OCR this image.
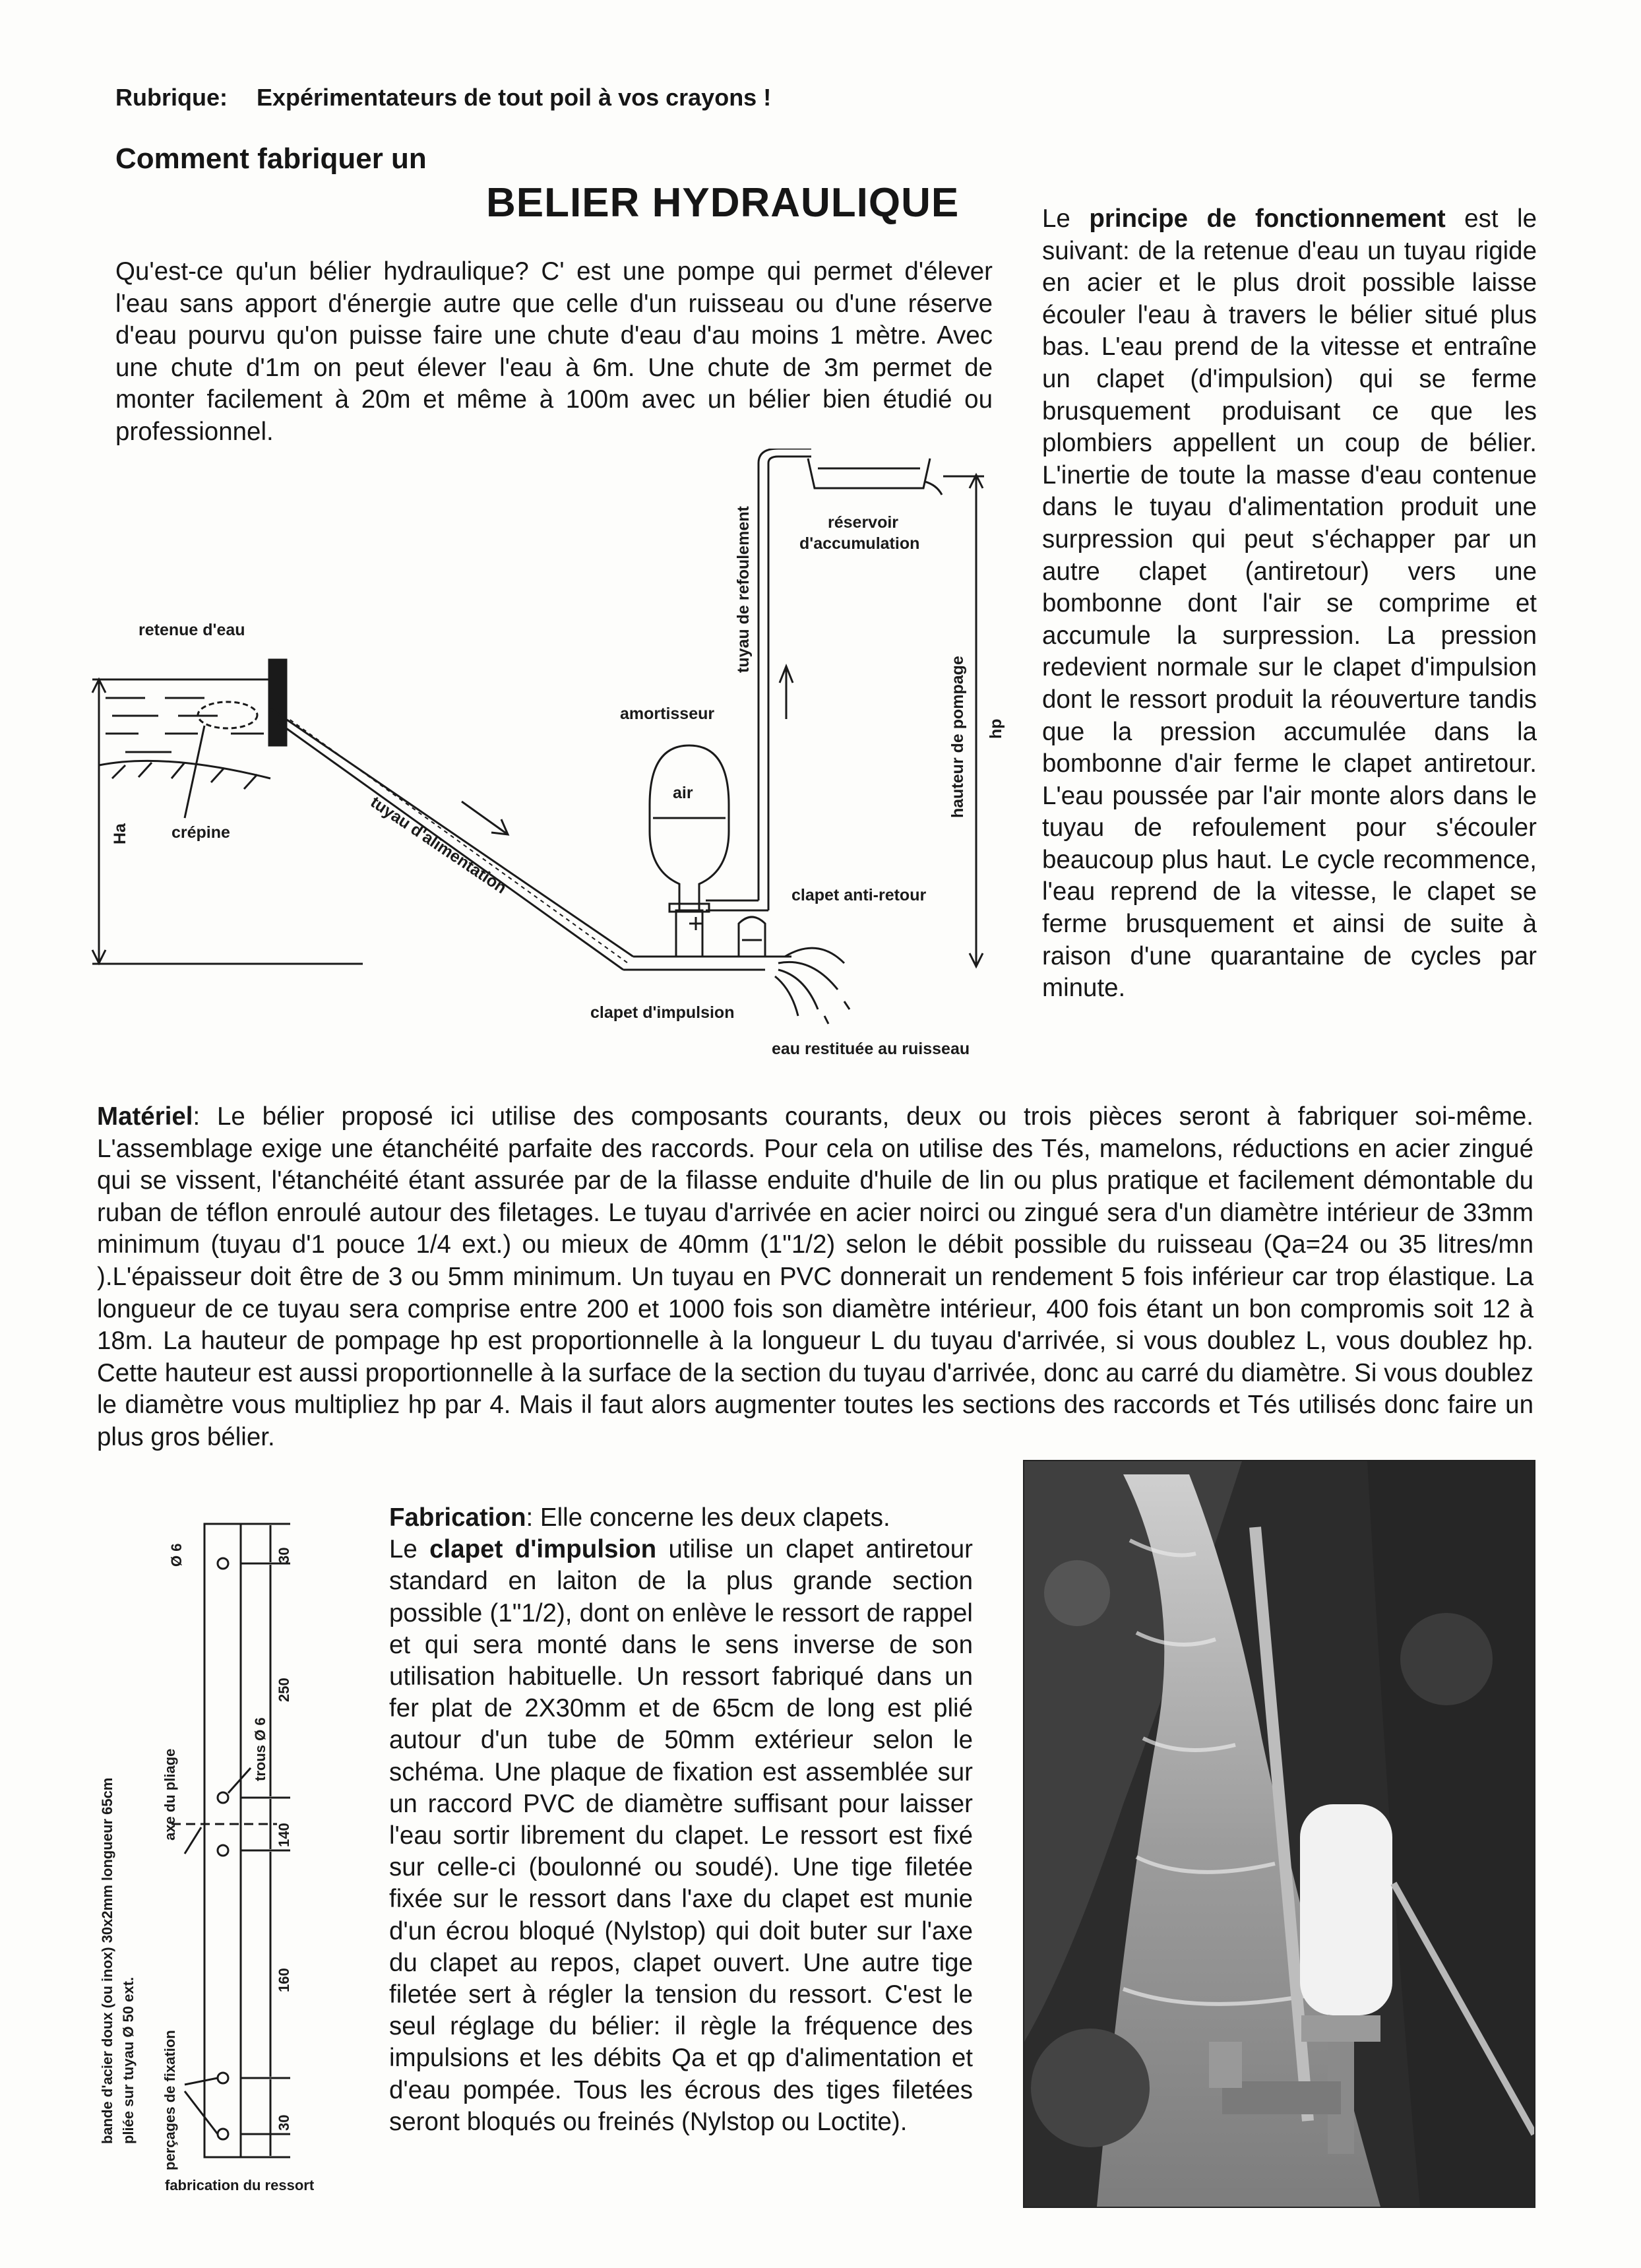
Rubrique: Expérimentateurs de tout poil à vos crayons !
Comment fabriquer un
BELIER HYDRAULIQUE

Qu'est-ce qu'un bélier hydraulique? C' est une pompe qui permet d'élever l'eau sans apport d'énergie autre que celle d'un ruisseau ou d'une réserve d'eau pourvu qu'on puisse faire une chute d'eau d'au moins 1 mètre. Avec une chute d'1m on peut élever l'eau à 6m. Une chute de 3m permet de monter facilement à 20m et même à 100m avec un bélier bien étudié ou professionnel.

Le principe de fonctionnement est le suivant: de la retenue d'eau un tuyau rigide en acier et le plus droit possible laisse écouler l'eau à travers le bélier situé plus bas. L'eau prend de la vitesse et entraîne un clapet (d'impulsion) qui se ferme brusquement produisant ce que les plombiers appellent un coup de bélier. L'inertie de toute la masse d'eau contenue dans le tuyau d'alimentation produit une surpression qui peut s'échapper par un autre clapet (antiretour) vers une bombonne dont l'air se comprime et accumule la surpression. La pression redevient normale sur le clapet d'impulsion dont le ressort produit la réouverture tandis que la pression accumulée dans la bombonne d'air ferme le clapet antiretour. L'eau poussée par l'air monte alors dans le tuyau de refoulement pour s'écouler beaucoup plus haut. Le cycle recommence, l'eau reprend de la vitesse, le clapet se ferme brusquement et ainsi de suite à raison d'une quarantaine de cycles par minute.

retenue d'eau
crépine
Ha	tuyau d'alimentation
amortisseur
air
tuyau de refoulement	réservoir
d'accumulation
hauteur de pompage hp
clapet anti-retour
clapet d'impulsion
eau restituée au ruisseau

Matériel: Le bélier proposé ici utilise des composants courants, deux ou trois pièces seront à fabriquer soi-même. L'assemblage exige une étanchéité parfaite des raccords. Pour cela on utilise des Tés, mamelons, réductions en acier zingué qui se vissent, l'étanchéité étant assurée par de la filasse enduite d'huile de lin ou plus pratique et facilement démontable du ruban de téflon enroulé autour des filetages. Le tuyau d'arrivée en acier noirci ou zingué sera d'un diamètre intérieur de 33mm minimum (tuyau d'1 pouce 1/4 ext.) ou mieux de 40mm (1"1/2) selon le débit possible du ruisseau (Qa=24 ou 35 litres/mn ).L'épaisseur doit être de 3 ou 5mm minimum. Un tuyau en PVC donnerait un rendement 5 fois inférieur car trop élastique. La longueur de ce tuyau sera comprise entre 200 et 1000 fois son diamètre intérieur, 400 fois étant un bon compromis soit 12 à 18m. La hauteur de pompage hp est proportionnelle à la longueur L du tuyau d'arrivée, si vous doublez L, vous doublez hp. Cette hauteur est aussi proportionnelle à la surface de la section du tuyau d'arrivée, donc au carré du diamètre. Si vous doublez le diamètre vous multipliez hp par 4. Mais il faut alors augmenter toutes les sections des raccords et Tés utilisés donc faire un plus gros bélier.

Ø 6	30
250
140
160
30
trous Ø 6
axe du pliage
perçages de fixation
bande d'acier doux (ou inox) 30x2mm longueur 65cm pliée sur tuyau Ø 50 ext.
fabrication du ressort

Fabrication: Elle concerne les deux clapets.
Le clapet d'impulsion utilise un clapet antiretour standard en laiton de la plus grande section possible (1"1/2), dont on enlève le ressort de rappel et qui sera monté dans le sens inverse de son utilisation habituelle. Un ressort fabriqué dans un fer plat de 2X30mm et de 65cm de long est plié autour d'un tube de 50mm extérieur selon le schéma. Une plaque de fixation est assemblée sur un raccord PVC de diamètre suffisant pour laisser l'eau sortir librement du clapet. Le ressort est fixé sur celle-ci (boulonné ou soudé). Une tige filetée fixée sur le ressort dans l'axe du clapet est munie d'un écrou bloqué (Nylstop) qui doit buter sur l'axe du clapet au repos, clapet ouvert. Une autre tige filetée sert à régler la tension du ressort. C'est le seul réglage du bélier: il règle la fréquence des impulsions et les débits Qa et qp d'alimentation et d'eau pompée. Tous les écrous des tiges filetées seront bloqués ou freinés (Nylstop ou Loctite).
